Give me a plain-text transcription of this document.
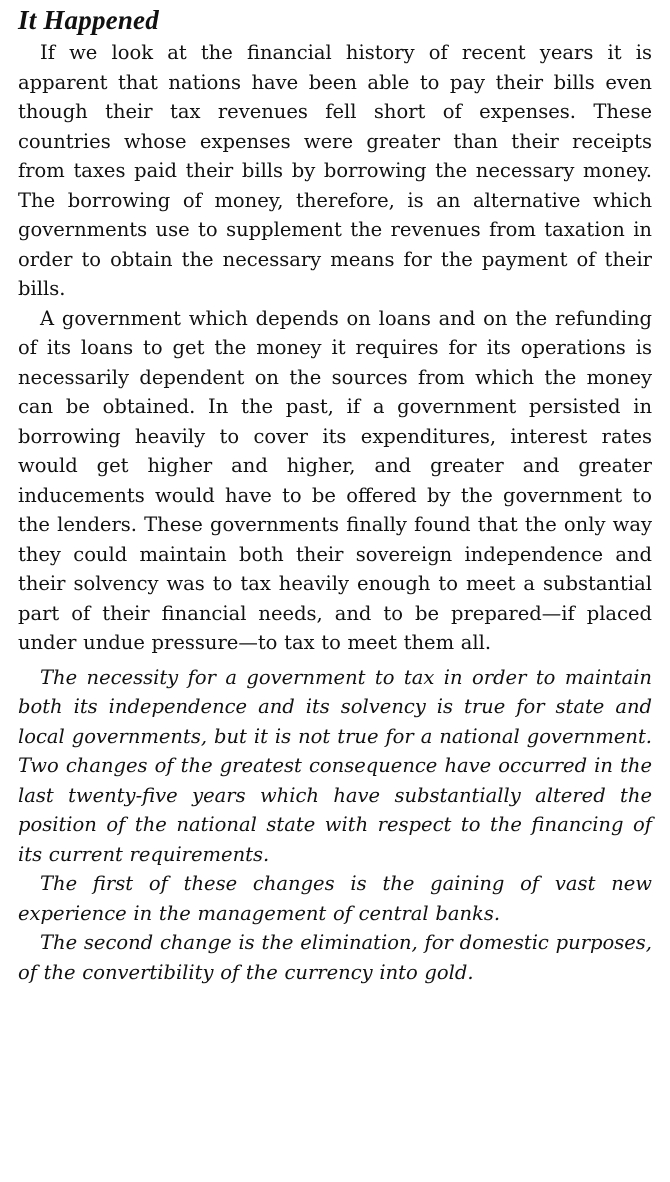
It Happened

If we look at the financial history of recent years it is apparent that nations have been able to pay their bills even though their tax revenues fell short of expenses. These countries whose expenses were greater than their receipts from taxes paid their bills by borrowing the necessary money. The borrowing of money, therefore, is an alternative which governments use to supplement the revenues from taxation in order to obtain the necessary means for the payment of their bills.

A government which depends on loans and on the refunding of its loans to get the money it requires for its operations is necessarily dependent on the sources from which the money can be obtained. In the past, if a government persisted in borrowing heavily to cover its expenditures, interest rates would get higher and higher, and greater and greater inducements would have to be offered by the government to the lenders. These governments finally found that the only way they could maintain both their sovereign independence and their solvency was to tax heavily enough to meet a substantial part of their financial needs, and to be prepared—if placed under undue pressure—to tax to meet them all.

The necessity for a government to tax in order to maintain both its independence and its solvency is true for state and local governments, but it is not true for a national government. Two changes of the greatest consequence have occurred in the last twenty-five years which have substantially altered the position of the national state with respect to the financing of its current requirements.

The first of these changes is the gaining of vast new experience in the management of central banks.

The second change is the elimination, for domestic purposes, of the convertibility of the currency into gold.
